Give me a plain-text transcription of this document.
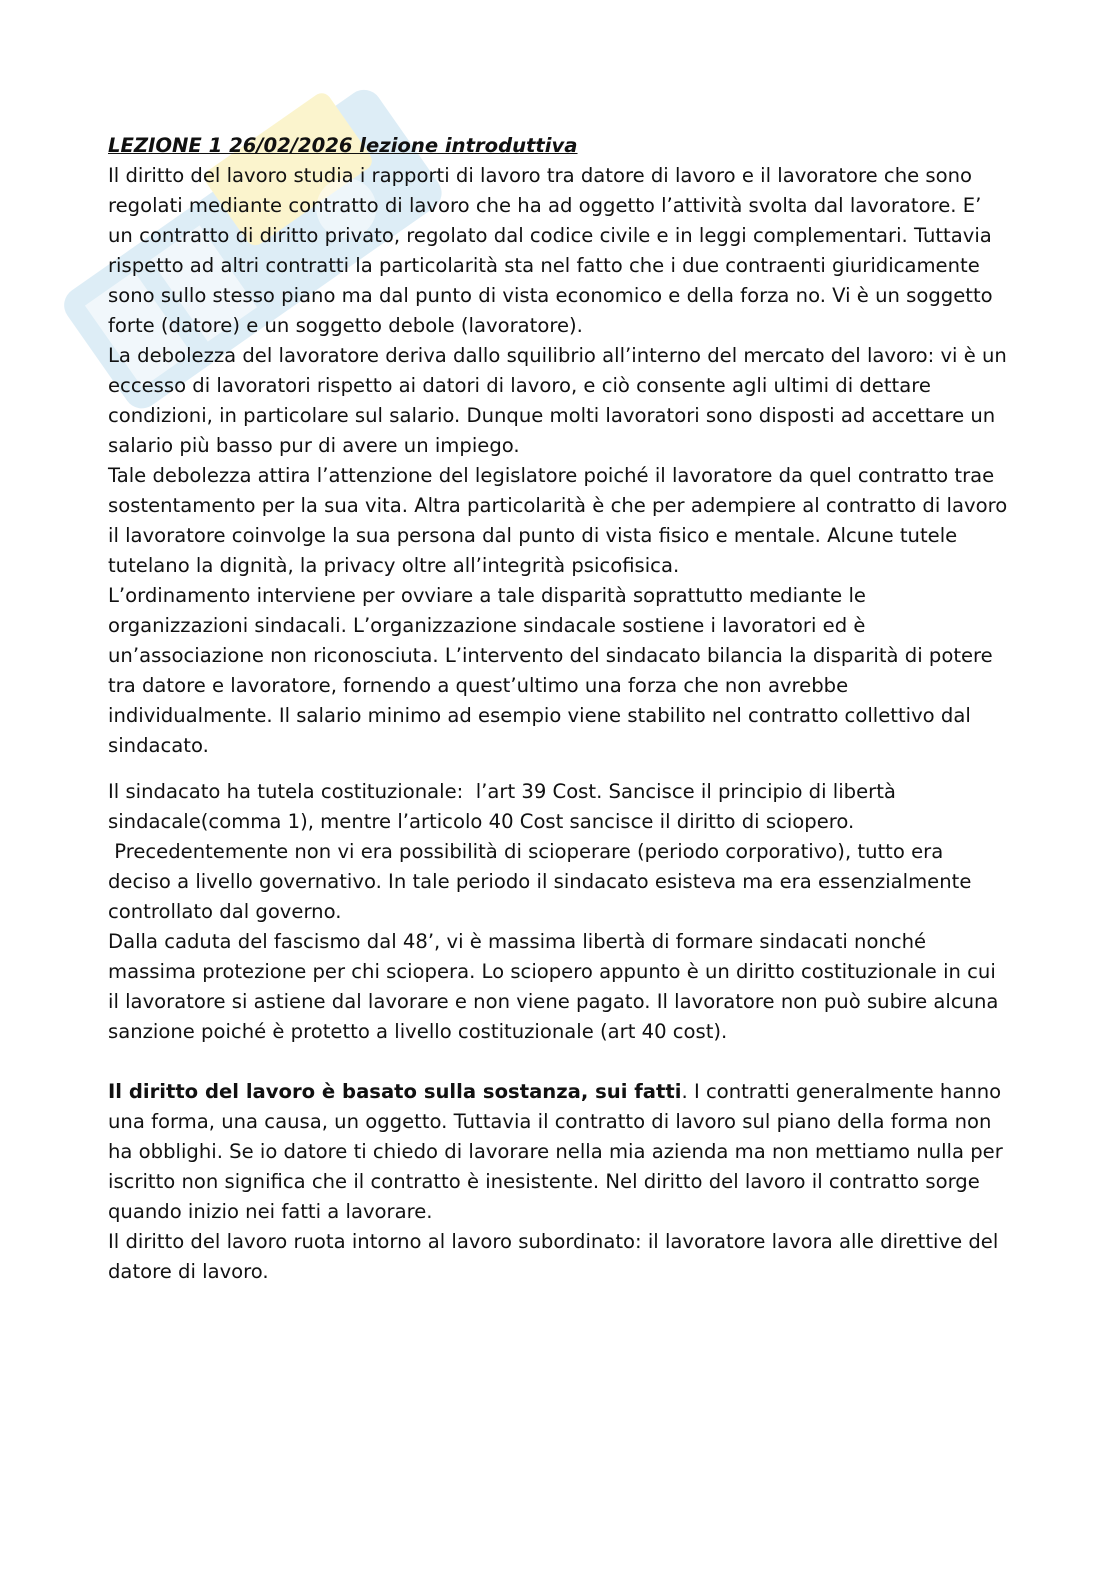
LEZIONE 1 26/02/2026 lezione introduttiva

Il diritto del lavoro studia i rapporti di lavoro tra datore di lavoro e il lavoratore che sono regolati mediante contratto di lavoro che ha ad oggetto l’attività svolta dal lavoratore. E’ un contratto di diritto privato, regolato dal codice civile e in leggi complementari. Tuttavia rispetto ad altri contratti la particolarità sta nel fatto che i due contraenti giuridicamente sono sullo stesso piano ma dal punto di vista economico e della forza no. Vi è un soggetto forte (datore) e un soggetto debole (lavoratore).

La debolezza del lavoratore deriva dallo squilibrio all’interno del mercato del lavoro: vi è un eccesso di lavoratori rispetto ai datori di lavoro, e ciò consente agli ultimi di dettare condizioni, in particolare sul salario. Dunque molti lavoratori sono disposti ad accettare un salario più basso pur di avere un impiego.

Tale debolezza attira l’attenzione del legislatore poiché il lavoratore da quel contratto trae sostentamento per la sua vita. Altra particolarità è che per adempiere al contratto di lavoro il lavoratore coinvolge la sua persona dal punto di vista fisico e mentale. Alcune tutele tutelano la dignità, la privacy oltre all’integrità psicofisica.

L’ordinamento interviene per ovviare a tale disparità soprattutto mediante le organizzazioni sindacali. L’organizzazione sindacale sostiene i lavoratori ed è un’associazione non riconosciuta. L’intervento del sindacato bilancia la disparità di potere tra datore e lavoratore, fornendo a quest’ultimo una forza che non avrebbe individualmente. Il salario minimo ad esempio viene stabilito nel contratto collettivo dal sindacato.

Il sindacato ha tutela costituzionale:  l’art 39 Cost. Sancisce il principio di libertà sindacale(comma 1), mentre l’articolo 40 Cost sancisce il diritto di sciopero.

Precedentemente non vi era possibilità di scioperare (periodo corporativo), tutto era deciso a livello governativo. In tale periodo il sindacato esisteva ma era essenzialmente controllato dal governo.

Dalla caduta del fascismo dal 48’, vi è massima libertà di formare sindacati nonché massima protezione per chi sciopera. Lo sciopero appunto è un diritto costituzionale in cui il lavoratore si astiene dal lavorare e non viene pagato. Il lavoratore non può subire alcuna sanzione poiché è protetto a livello costituzionale (art 40 cost).

Il diritto del lavoro è basato sulla sostanza, sui fatti. I contratti generalmente hanno una forma, una causa, un oggetto. Tuttavia il contratto di lavoro sul piano della forma non ha obblighi. Se io datore ti chiedo di lavorare nella mia azienda ma non mettiamo nulla per iscritto non significa che il contratto è inesistente. Nel diritto del lavoro il contratto sorge quando inizio nei fatti a lavorare.

Il diritto del lavoro ruota intorno al lavoro subordinato: il lavoratore lavora alle direttive del datore di lavoro.
